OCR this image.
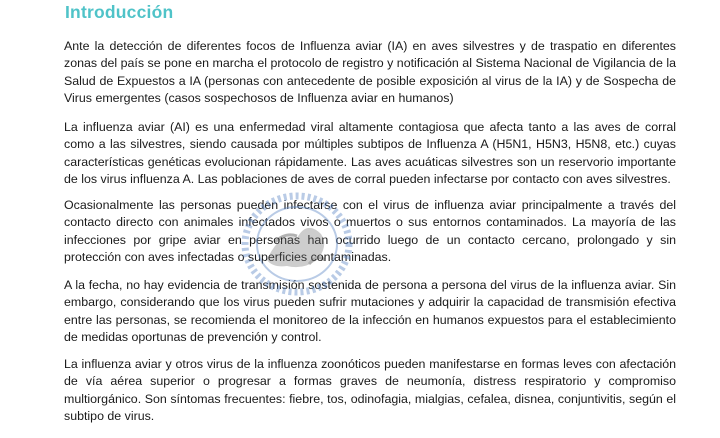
Introducción

Ante la detección de diferentes focos de Influenza aviar (IA) en aves silvestres y de traspatio en diferentes zonas del país se pone en marcha el protocolo de registro y notificación al Sistema Nacional de Vigilancia de la Salud de Expuestos a IA (personas con antecedente de posible exposición al virus de la IA) y de Sospecha de Virus emergentes (casos sospechosos de Influenza aviar en humanos)

La influenza aviar (AI) es una enfermedad viral altamente contagiosa que afecta tanto a las aves de corral como a las silvestres, siendo causada por múltiples subtipos de Influenza A (H5N1, H5N3, H5N8, etc.) cuyas características genéticas evolucionan rápidamente. Las aves acuáticas silvestres son un reservorio importante de los virus influenza A. Las poblaciones de aves de corral pueden infectarse por contacto con aves silvestres.

Ocasionalmente las personas pueden infectarse con el virus de influenza aviar principalmente a través del contacto directo con animales infectados vivos o muertos o sus entornos contaminados. La mayoría de las infecciones por gripe aviar en personas han ocurrido luego de un contacto cercano, prolongado y sin protección con aves infectadas o superficies contaminadas.

A la fecha, no hay evidencia de transmisión sostenida de persona a persona del virus de la influenza aviar. Sin embargo, considerando que los virus pueden sufrir mutaciones y adquirir la capacidad de transmisión efectiva entre las personas, se recomienda el monitoreo de la infección en humanos expuestos para el establecimiento de medidas oportunas de prevención y control.

La influenza aviar y otros virus de la influenza zoonóticos pueden manifestarse en formas leves con afectación de vía aérea superior o progresar a formas graves de neumonía, distress respiratorio y compromiso multiorgánico. Son síntomas frecuentes: fiebre, tos, odinofagia, mialgias, cefalea, disnea, conjuntivitis, según el subtipo de virus.
